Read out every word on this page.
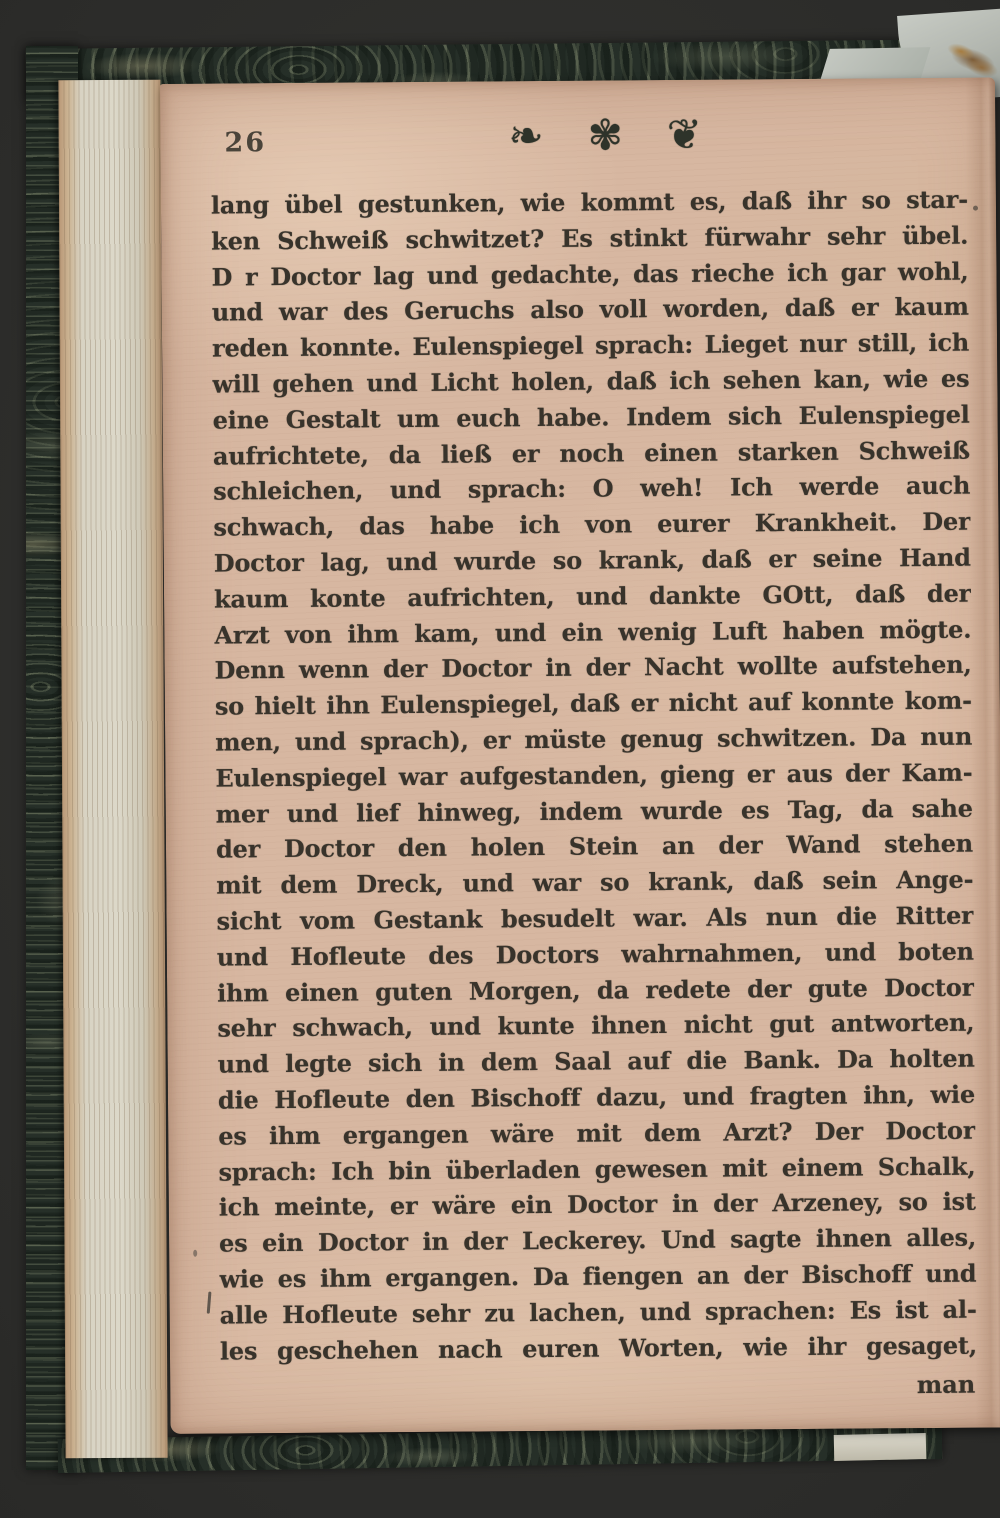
26	❧ ✾ ❦
lang übel gestunken, wie kommt es, daß ihr so star-
ken Schweiß schwitzet? Es stinkt fürwahr sehr übel.
D r Doctor lag und gedachte, das rieche ich gar wohl,
und war des Geruchs also voll worden, daß er kaum
reden konnte. Eulenspiegel sprach: Lieget nur still, ich
will gehen und Licht holen, daß ich sehen kan, wie es
eine Gestalt um euch habe. Indem sich Eulenspiegel
aufrichtete, da ließ er noch einen starken Schweiß
schleichen, und sprach: O weh! Ich werde auch
schwach, das habe ich von eurer Krankheit. Der
Doctor lag, und wurde so krank, daß er seine Hand
kaum konte aufrichten, und dankte GOtt, daß der
Arzt von ihm kam, und ein wenig Luft haben mögte.
Denn wenn der Doctor in der Nacht wollte aufstehen,
so hielt ihn Eulenspiegel, daß er nicht auf konnte kom-
men, und sprach), er müste genug schwitzen. Da nun
Eulenspiegel war aufgestanden, gieng er aus der Kam-
mer und lief hinweg, indem wurde es Tag, da sahe
der Doctor den holen Stein an der Wand stehen
mit dem Dreck, und war so krank, daß sein Ange-
sicht vom Gestank besudelt war. Als nun die Ritter
und Hofleute des Doctors wahrnahmen, und boten
ihm einen guten Morgen, da redete der gute Doctor
sehr schwach, und kunte ihnen nicht gut antworten,
und legte sich in dem Saal auf die Bank. Da holten
die Hofleute den Bischoff dazu, und fragten ihn, wie
es ihm ergangen wäre mit dem Arzt? Der Doctor
sprach: Ich bin überladen gewesen mit einem Schalk,
ich meinte, er wäre ein Doctor in der Arzeney, so ist
es ein Doctor in der Leckerey. Und sagte ihnen alles,
wie es ihm ergangen. Da fiengen an der Bischoff und
alle Hofleute sehr zu lachen, und sprachen: Es ist al-
les geschehen nach euren Worten, wie ihr gesaget,
man
